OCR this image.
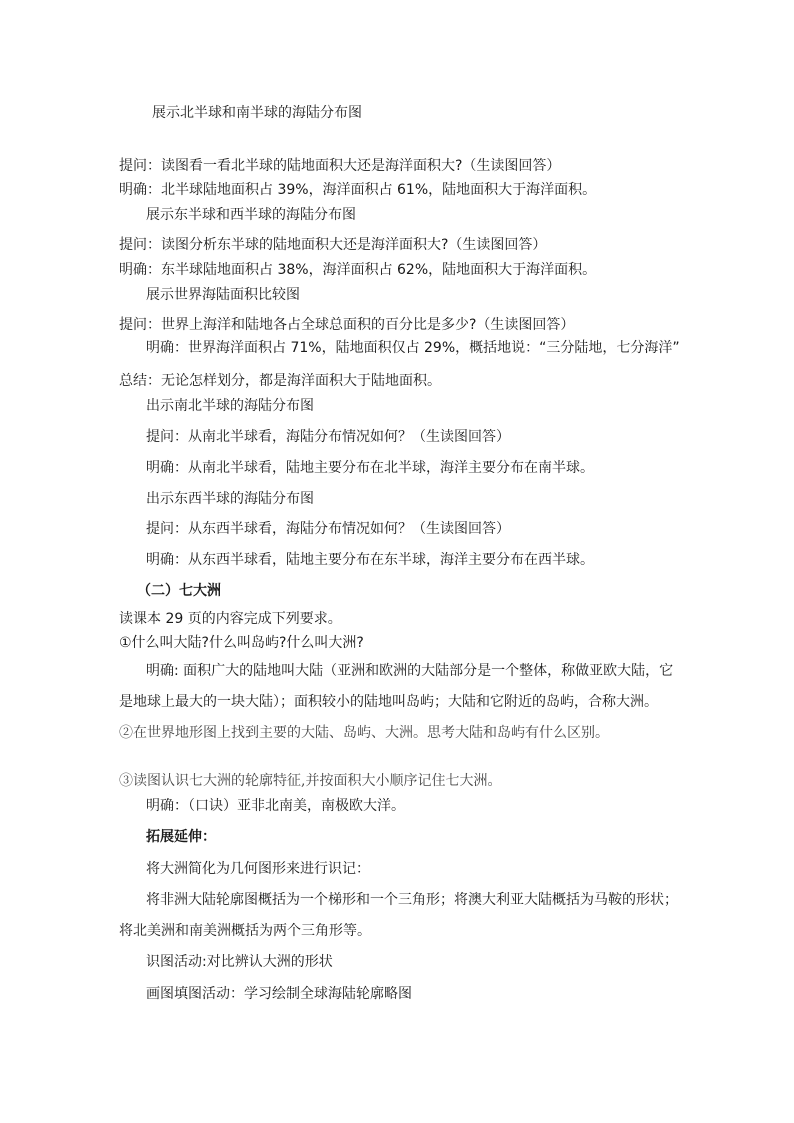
展示北半球和南半球的海陆分布图
提问：读图看一看北半球的陆地面积大还是海洋面积大?（生读图回答）
明确：北半球陆地面积占 39%，海洋面积占 61%，陆地面积大于海洋面积。
展示东半球和西半球的海陆分布图
提问：读图分析东半球的陆地面积大还是海洋面积大?（生读图回答）
明确：东半球陆地面积占 38%，海洋面积占 62%，陆地面积大于海洋面积。
展示世界海陆面积比较图
提问：世界上海洋和陆地各占全球总面积的百分比是多少?（生读图回答）
明确：世界海洋面积占 71%，陆地面积仅占 29%，概括地说：“三分陆地，七分海洋”
总结：无论怎样划分，都是海洋面积大于陆地面积。
出示南北半球的海陆分布图
提问：从南北半球看，海陆分布情况如何？（生读图回答）
明确：从南北半球看，陆地主要分布在北半球，海洋主要分布在南半球。
出示东西半球的海陆分布图
提问：从东西半球看，海陆分布情况如何？（生读图回答）
明确：从东西半球看，陆地主要分布在东半球，海洋主要分布在西半球。
（二）七大洲
读课本 29 页的内容完成下列要求。
①什么叫大陆?什么叫岛屿?什么叫大洲?
明确: 面积广大的陆地叫大陆（亚洲和欧洲的大陆部分是一个整体，称做亚欧大陆，它
是地球上最大的一块大陆）；面积较小的陆地叫岛屿；大陆和它附近的岛屿，合称大洲。
②在世界地形图上找到主要的大陆、岛屿、大洲。思考大陆和岛屿有什么区别。
③读图认识七大洲的轮廓特征,并按面积大小顺序记住七大洲。
明确：（口诀）亚非北南美，南极欧大洋。
拓展延伸：
将大洲简化为几何图形来进行识记：
将非洲大陆轮廓图概括为一个梯形和一个三角形；将澳大利亚大陆概括为马鞍的形状；
将北美洲和南美洲概括为两个三角形等。
识图活动:对比辨认大洲的形状
画图填图活动：学习绘制全球海陆轮廓略图
